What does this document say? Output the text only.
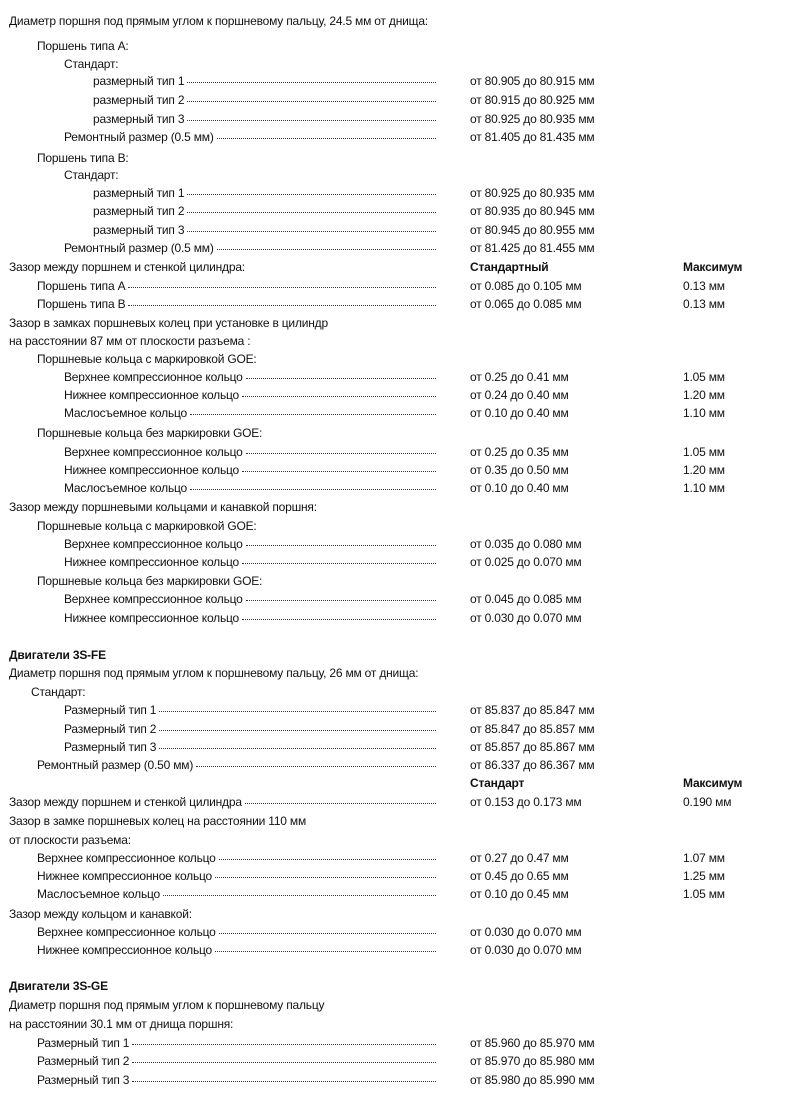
Диаметр поршня под прямым углом к поршневому пальцу, 24.5 мм от днища:
Поршень типа А:
Стандарт:
размерный тип 1	от 80.905 до 80.915 мм
размерный тип 2	от 80.915 до 80.925 мм
размерный тип 3	от 80.925 до 80.935 мм
Ремонтный размер (0.5 мм)	от 81.405 до 81.435 мм
Поршень типа В:
Стандарт:
размерный тип 1	от 80.925 до 80.935 мм
размерный тип 2	от 80.935 до 80.945 мм
размерный тип 3	от 80.945 до 80.955 мм
Ремонтный размер (0.5 мм)	от 81.425 до 81.455 мм
Зазор между поршнем и стенкой цилиндра:	Стандартный	Максимум
Поршень типа А	от 0.085 до 0.105 мм	0.13 мм
Поршень типа В	от 0.065 до 0.085 мм	0.13 мм
Зазор в замках поршневых колец при установке в цилиндр
на расстоянии 87 мм от плоскости разъема :
Поршневые кольца с маркировкой GOE:
Верхнее компрессионное кольцо	от 0.25 до 0.41 мм	1.05 мм
Нижнее компрессионное кольцо	от 0.24 до 0.40 мм	1.20 мм
Маслосъемное кольцо	от 0.10 до 0.40 мм	1.10 мм
Поршневые кольца без маркировки GOE:
Верхнее компрессионное кольцо	от 0.25 до 0.35 мм	1.05 мм
Нижнее компрессионное кольцо	от 0.35 до 0.50 мм	1.20 мм
Маслосъемное кольцо	от 0.10 до 0.40 мм	1.10 мм
Зазор между поршневыми кольцами и канавкой поршня:
Поршневые кольца с маркировкой GOE:
Верхнее компрессионное кольцо	от 0.035 до 0.080 мм
Нижнее компрессионное кольцо	от 0.025 до 0.070 мм
Поршневые кольца без маркировки GOE:
Верхнее компрессионное кольцо	от 0.045 до 0.085 мм
Нижнее компрессионное кольцо	от 0.030 до 0.070 мм
Двигатели 3S-FE
Диаметр поршня под прямым углом к поршневому пальцу, 26 мм от днища:
Стандарт:
Размерный тип 1	от 85.837 до 85.847 мм
Размерный тип 2	от 85.847 до 85.857 мм
Размерный тип 3	от 85.857 до 85.867 мм
Ремонтный размер (0.50 мм)	от 86.337 до 86.367 мм
Стандарт	Максимум
Зазор между поршнем и стенкой цилиндра	от 0.153 до 0.173 мм	0.190 мм
Зазор в замке поршневых колец на расстоянии 110 мм
от плоскости разъема:
Верхнее компрессионное кольцо	от 0.27 до 0.47 мм	1.07 мм
Нижнее компрессионное кольцо	от 0.45 до 0.65 мм	1.25 мм
Маслосъемное кольцо	от 0.10 до 0.45 мм	1.05 мм
Зазор между кольцом и канавкой:
Верхнее компрессионное кольцо	от 0.030 до 0.070 мм
Нижнее компрессионное кольцо	от 0.030 до 0.070 мм
Двигатели 3S-GE
Диаметр поршня под прямым углом к поршневому пальцу
на расстоянии 30.1 мм от днища поршня:
Размерный тип 1	от 85.960 до 85.970 мм
Размерный тип 2	от 85.970 до 85.980 мм
Размерный тип 3	от 85.980 до 85.990 мм
